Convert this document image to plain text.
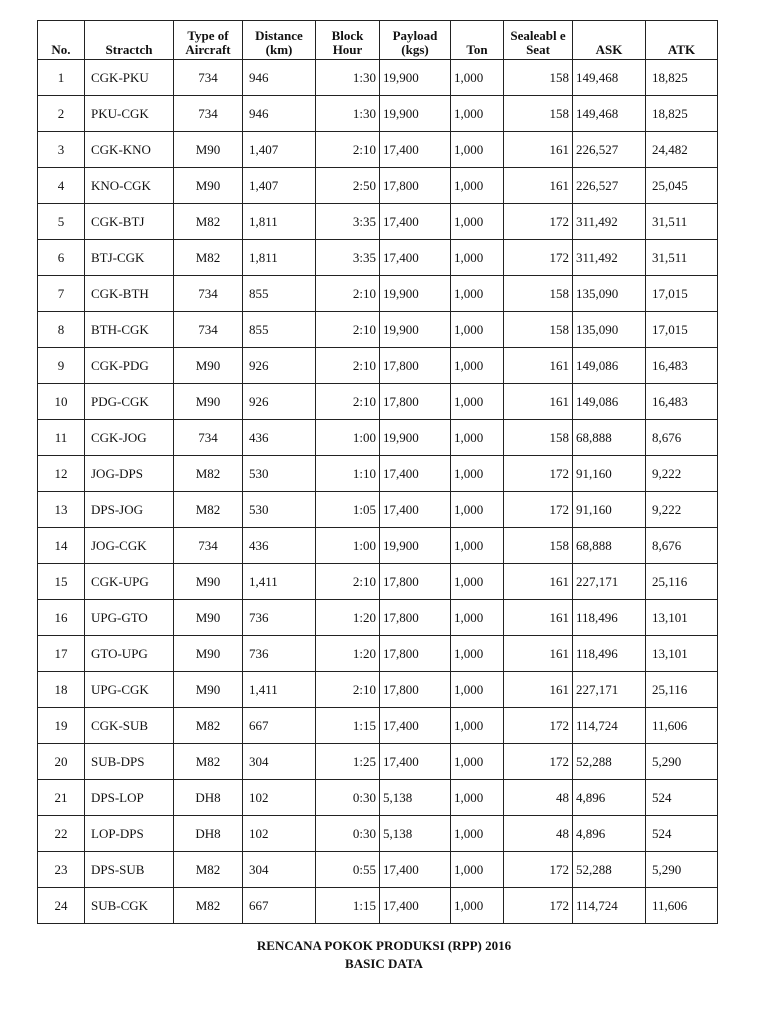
No.	Stractch	Type of Aircraft	Distance (km)	Block Hour	Payload (kgs)	Ton	Sealeabl e Seat	ASK	ATK
1	CGK-PKU	734	946	1:30	19,900	1,000	158	149,468	18,825
2	PKU-CGK	734	946	1:30	19,900	1,000	158	149,468	18,825
3	CGK-KNO	M90	1,407	2:10	17,400	1,000	161	226,527	24,482
4	KNO-CGK	M90	1,407	2:50	17,800	1,000	161	226,527	25,045
5	CGK-BTJ	M82	1,811	3:35	17,400	1,000	172	311,492	31,511
6	BTJ-CGK	M82	1,811	3:35	17,400	1,000	172	311,492	31,511
7	CGK-BTH	734	855	2:10	19,900	1,000	158	135,090	17,015
8	BTH-CGK	734	855	2:10	19,900	1,000	158	135,090	17,015
9	CGK-PDG	M90	926	2:10	17,800	1,000	161	149,086	16,483
10	PDG-CGK	M90	926	2:10	17,800	1,000	161	149,086	16,483
11	CGK-JOG	734	436	1:00	19,900	1,000	158	68,888	8,676
12	JOG-DPS	M82	530	1:10	17,400	1,000	172	91,160	9,222
13	DPS-JOG	M82	530	1:05	17,400	1,000	172	91,160	9,222
14	JOG-CGK	734	436	1:00	19,900	1,000	158	68,888	8,676
15	CGK-UPG	M90	1,411	2:10	17,800	1,000	161	227,171	25,116
16	UPG-GTO	M90	736	1:20	17,800	1,000	161	118,496	13,101
17	GTO-UPG	M90	736	1:20	17,800	1,000	161	118,496	13,101
18	UPG-CGK	M90	1,411	2:10	17,800	1,000	161	227,171	25,116
19	CGK-SUB	M82	667	1:15	17,400	1,000	172	114,724	11,606
20	SUB-DPS	M82	304	1:25	17,400	1,000	172	52,288	5,290
21	DPS-LOP	DH8	102	0:30	5,138	1,000	48	4,896	524
22	LOP-DPS	DH8	102	0:30	5,138	1,000	48	4,896	524
23	DPS-SUB	M82	304	0:55	17,400	1,000	172	52,288	5,290
24	SUB-CGK	M82	667	1:15	17,400	1,000	172	114,724	11,606
RENCANA POKOK PRODUKSI (RPP) 2016
BASIC DATA
